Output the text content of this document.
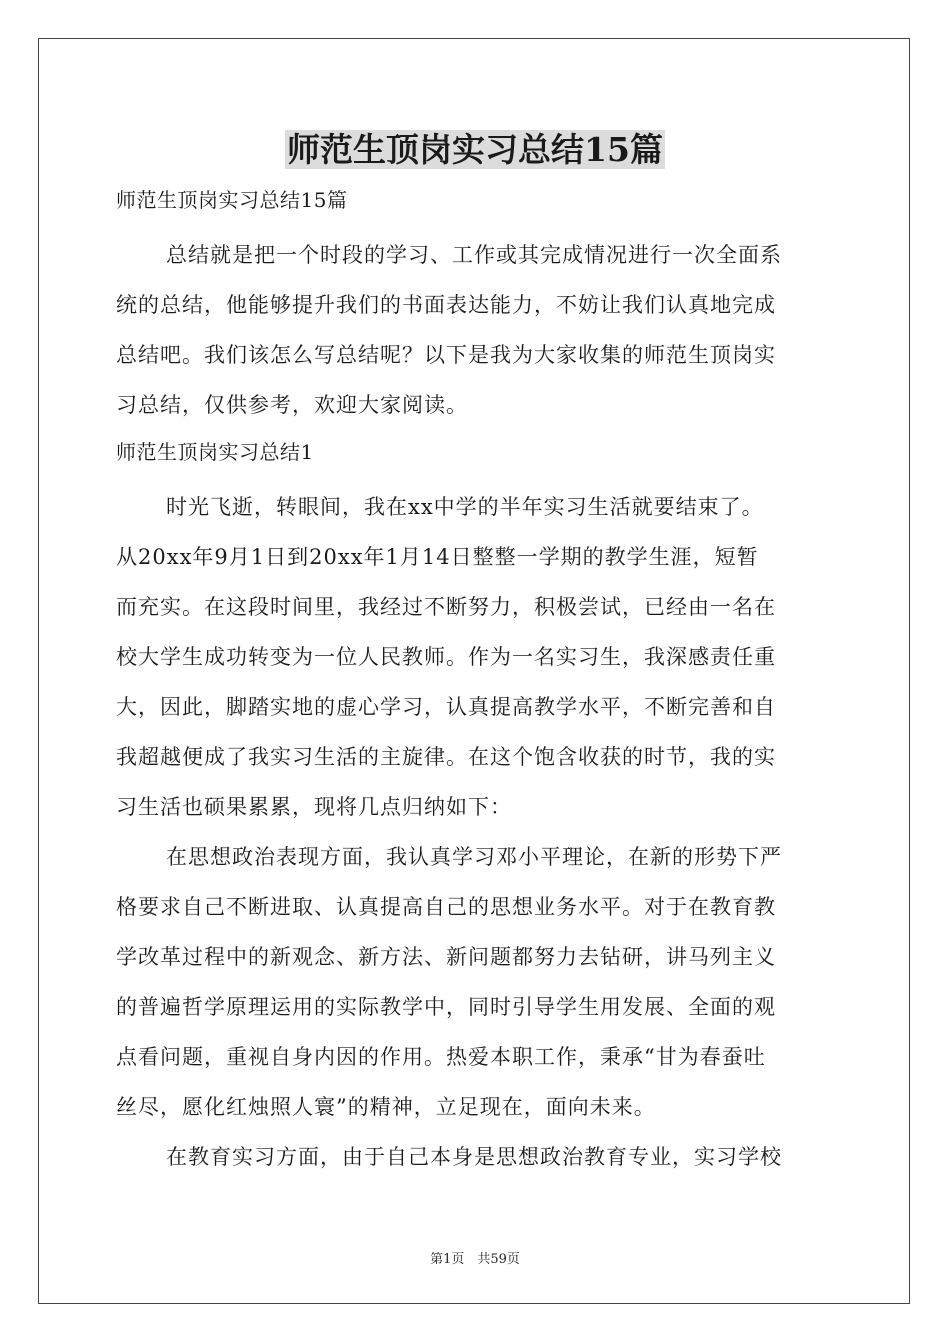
师范生顶岗实习总结15篇
师范生顶岗实习总结15篇
总结就是把一个时段的学习、工作或其完成情况进行一次全面系
统的总结，他能够提升我们的书面表达能力，不妨让我们认真地完成
总结吧。我们该怎么写总结呢？以下是我为大家收集的师范生顶岗实
习总结，仅供参考，欢迎大家阅读。
师范生顶岗实习总结1
时光飞逝，转眼间，我在xx中学的半年实习生活就要结束了。
从20xx年9月1日到20xx年1月14日整整一学期的教学生涯，短暂
而充实。在这段时间里，我经过不断努力，积极尝试，已经由一名在
校大学生成功转变为一位人民教师。作为一名实习生，我深感责任重
大，因此，脚踏实地的虚心学习，认真提高教学水平，不断完善和自
我超越便成了我实习生活的主旋律。在这个饱含收获的时节，我的实
习生活也硕果累累，现将几点归纳如下：
在思想政治表现方面，我认真学习邓小平理论，在新的形势下严
格要求自己不断进取、认真提高自己的思想业务水平。对于在教育教
学改革过程中的新观念、新方法、新问题都努力去钻研，讲马列主义
的普遍哲学原理运用的实际教学中，同时引导学生用发展、全面的观
点看问题，重视自身内因的作用。热爱本职工作，秉承“甘为春蚕吐
丝尽，愿化红烛照人寰”的精神，立足现在，面向未来。
在教育实习方面，由于自己本身是思想政治教育专业，实习学校
第1页　共59页
